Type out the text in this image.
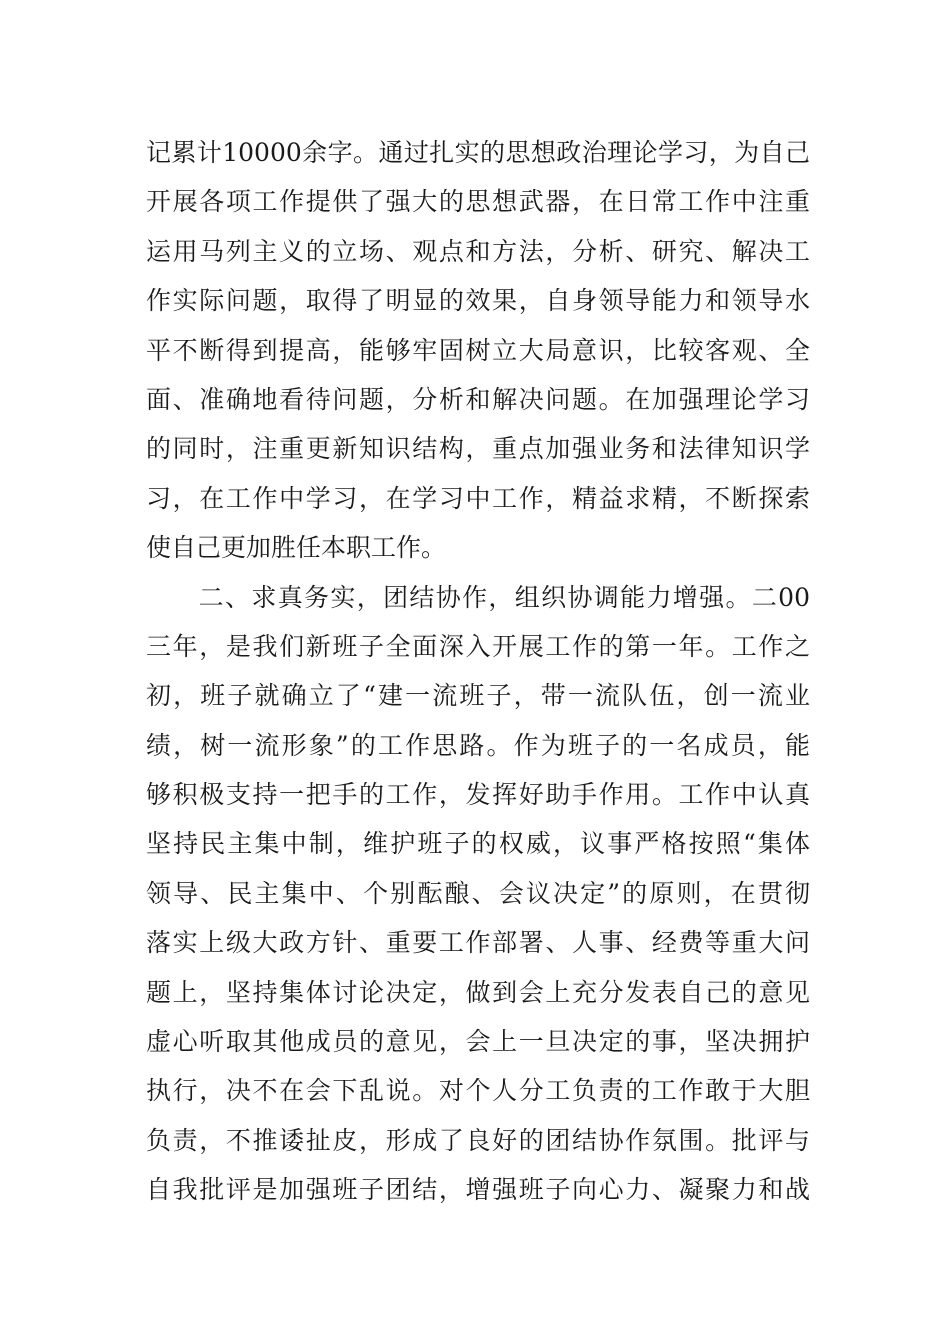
记累计10000余字。通过扎实的思想政治理论学习，为自己
开展各项工作提供了强大的思想武器，在日常工作中注重
运用马列主义的立场、观点和方法，分析、研究、解决工
作实际问题，取得了明显的效果，自身领导能力和领导水
平不断得到提高，能够牢固树立大局意识，比较客观、全
面、准确地看待问题，分析和解决问题。在加强理论学习
的同时，注重更新知识结构，重点加强业务和法律知识学
习，在工作中学习，在学习中工作，精益求精，不断探索
使自己更加胜任本职工作。
　　二、求真务实，团结协作，组织协调能力增强。二00
三年，是我们新班子全面深入开展工作的第一年。工作之
初，班子就确立了“建一流班子，带一流队伍，创一流业
绩，树一流形象”的工作思路。作为班子的一名成员，能
够积极支持一把手的工作，发挥好助手作用。工作中认真
坚持民主集中制，维护班子的权威，议事严格按照“集体
领导、民主集中、个别酝酿、会议决定”的原则，在贯彻
落实上级大政方针、重要工作部署、人事、经费等重大问
题上，坚持集体讨论决定，做到会上充分发表自己的意见
虚心听取其他成员的意见，会上一旦决定的事，坚决拥护
执行，决不在会下乱说。对个人分工负责的工作敢于大胆
负责，不推诿扯皮，形成了良好的团结协作氛围。批评与
自我批评是加强班子团结，增强班子向心力、凝聚力和战
